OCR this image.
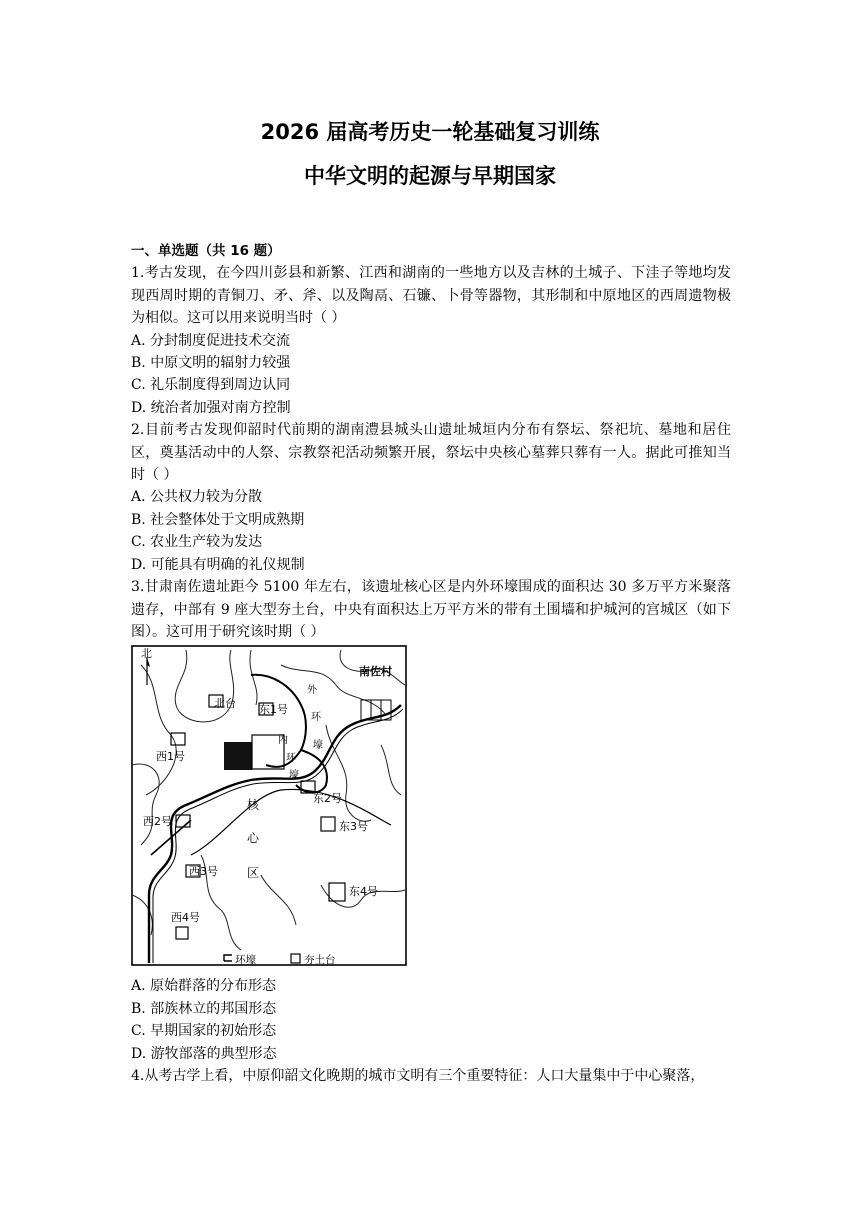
2026 届高考历史一轮基础复习训练
中华文明的起源与早期国家
一、单选题（共 16 题）

1.考古发现，在今四川彭县和新繁、江西和湖南的一些地方以及吉林的土城子、下洼子等地均发现西周时期的青铜刀、矛、斧、以及陶鬲、石镰、卜骨等器物，其形制和中原地区的西周遗物极为相似。这可以用来说明当时（ ）

A. 分封制度促进技术交流
B. 中原文明的辐射力较强
C. 礼乐制度得到周边认同
D. 统治者加强对南方控制

2.目前考古发现仰韶时代前期的湖南澧县城头山遗址城垣内分布有祭坛、祭祀坑、墓地和居住区，奠基活动中的人祭、宗教祭祀活动频繁开展，祭坛中央核心墓葬只葬有一人。据此可推知当时（ ）

A. 公共权力较为分散
B. 社会整体处于文明成熟期
C. 农业生产较为发达
D. 可能具有明确的礼仪规制

3.甘肃南佐遗址距今 5100 年左右，该遗址核心区是内外环壕围成的面积达 30 多万平方米聚落遗存，中部有 9 座大型夯土台，中央有面积达上万平方米的带有土围墙和护城河的宫城区（如下图）。这可用于研究该时期（ ）

北
南佐村
北台 东1号
西1号
东2号
西2号	东3号
西3号
东4号
西4号
核
心
区
外
环
壕
内
环
壕
环壕	夯土台
A. 原始群落的分布形态
B. 部族林立的邦国形态
C. 早期国家的初始形态
D. 游牧部落的典型形态

4.从考古学上看，中原仰韶文化晚期的城市文明有三个重要特征：人口大量集中于中心聚落，
